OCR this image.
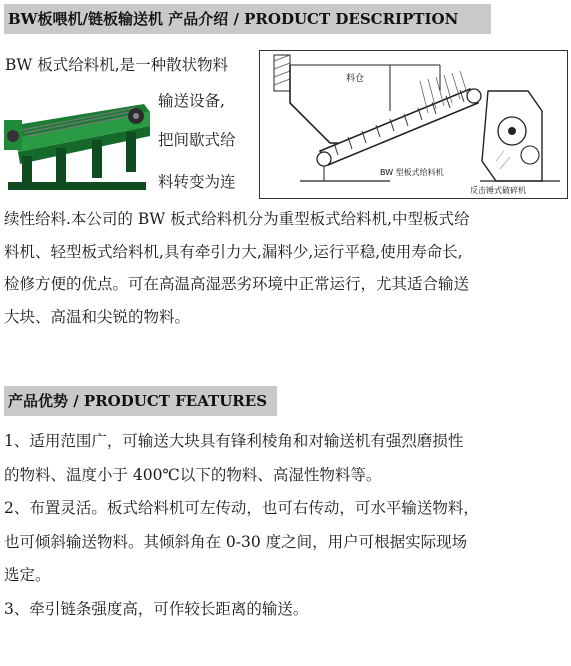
BW板喂机/链板输送机 产品介绍 / PRODUCT DESCRIPTION
BW 板式给料机,是一种散状物料
输送设备,
把间歇式给
料转变为连
料仓
BW 型板式给料机
反击锤式破碎机
续性给料.本公司的 BW 板式给料机分为重型板式给料机,中型板式给
料机、轻型板式给料机,具有牵引力大,漏料少,运行平稳,使用寿命长,
检修方便的优点。可在高温高湿恶劣环境中正常运行，尤其适合输送
大块、高温和尖锐的物料。
产品优势 / PRODUCT FEATURES
1、适用范围广，可输送大块具有锋利棱角和对输送机有强烈磨损性
的物料、温度小于 400℃以下的物料、高湿性物料等。
2、布置灵活。板式给料机可左传动，也可右传动，可水平输送物料，
也可倾斜输送物料。其倾斜角在 0-30 度之间，用户可根据实际现场
选定。
3、牵引链条强度高，可作较长距离的输送。
